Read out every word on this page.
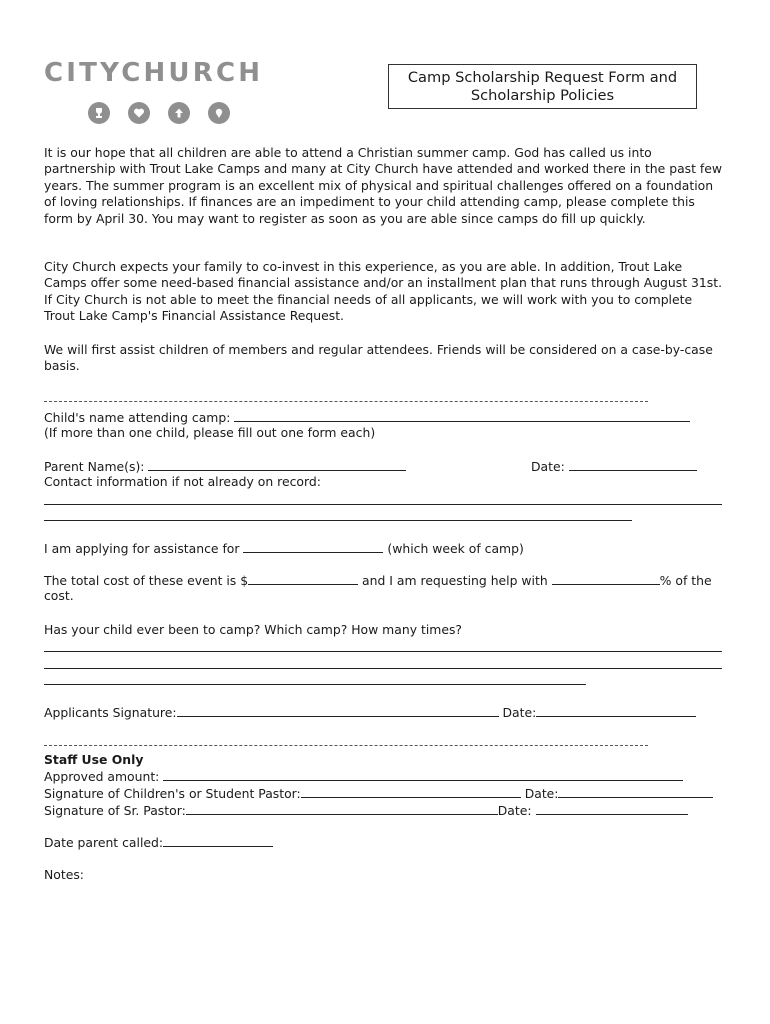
CITYCHURCH	Camp Scholarship Request Form and Scholarship Policies
It is our hope that all children are able to attend a Christian summer camp. God has called us into partnership with Trout Lake Camps and many at City Church have attended and worked there in the past few years. The summer program is an excellent mix of physical and spiritual challenges offered on a foundation of loving relationships. If finances are an impediment to your child attending camp, please complete this form by April 30. You may want to register as soon as you are able since camps do fill up quickly.
City Church expects your family to co-invest in this experience, as you are able. In addition, Trout Lake Camps offer some need-based financial assistance and/or an installment plan that runs through August 31st. If City Church is not able to meet the financial needs of all applicants, we will work with you to complete Trout Lake Camp's Financial Assistance Request.
We will first assist children of members and regular attendees. Friends will be considered on a case-by-case basis.
Child's name attending camp:
(If more than one child, please fill out one form each)
Parent Name(s):	Date:
Contact information if not already on record:
I am applying for assistance for	(which week of camp)
The total cost of these event is $	and I am requesting help with	% of the
cost.
Has your child ever been to camp? Which camp? How many times?
Applicants Signature:	Date:
Staff Use Only
Approved amount:
Signature of Children's or Student Pastor:	Date:
Signature of Sr. Pastor:	Date:
Date parent called:
Notes:
